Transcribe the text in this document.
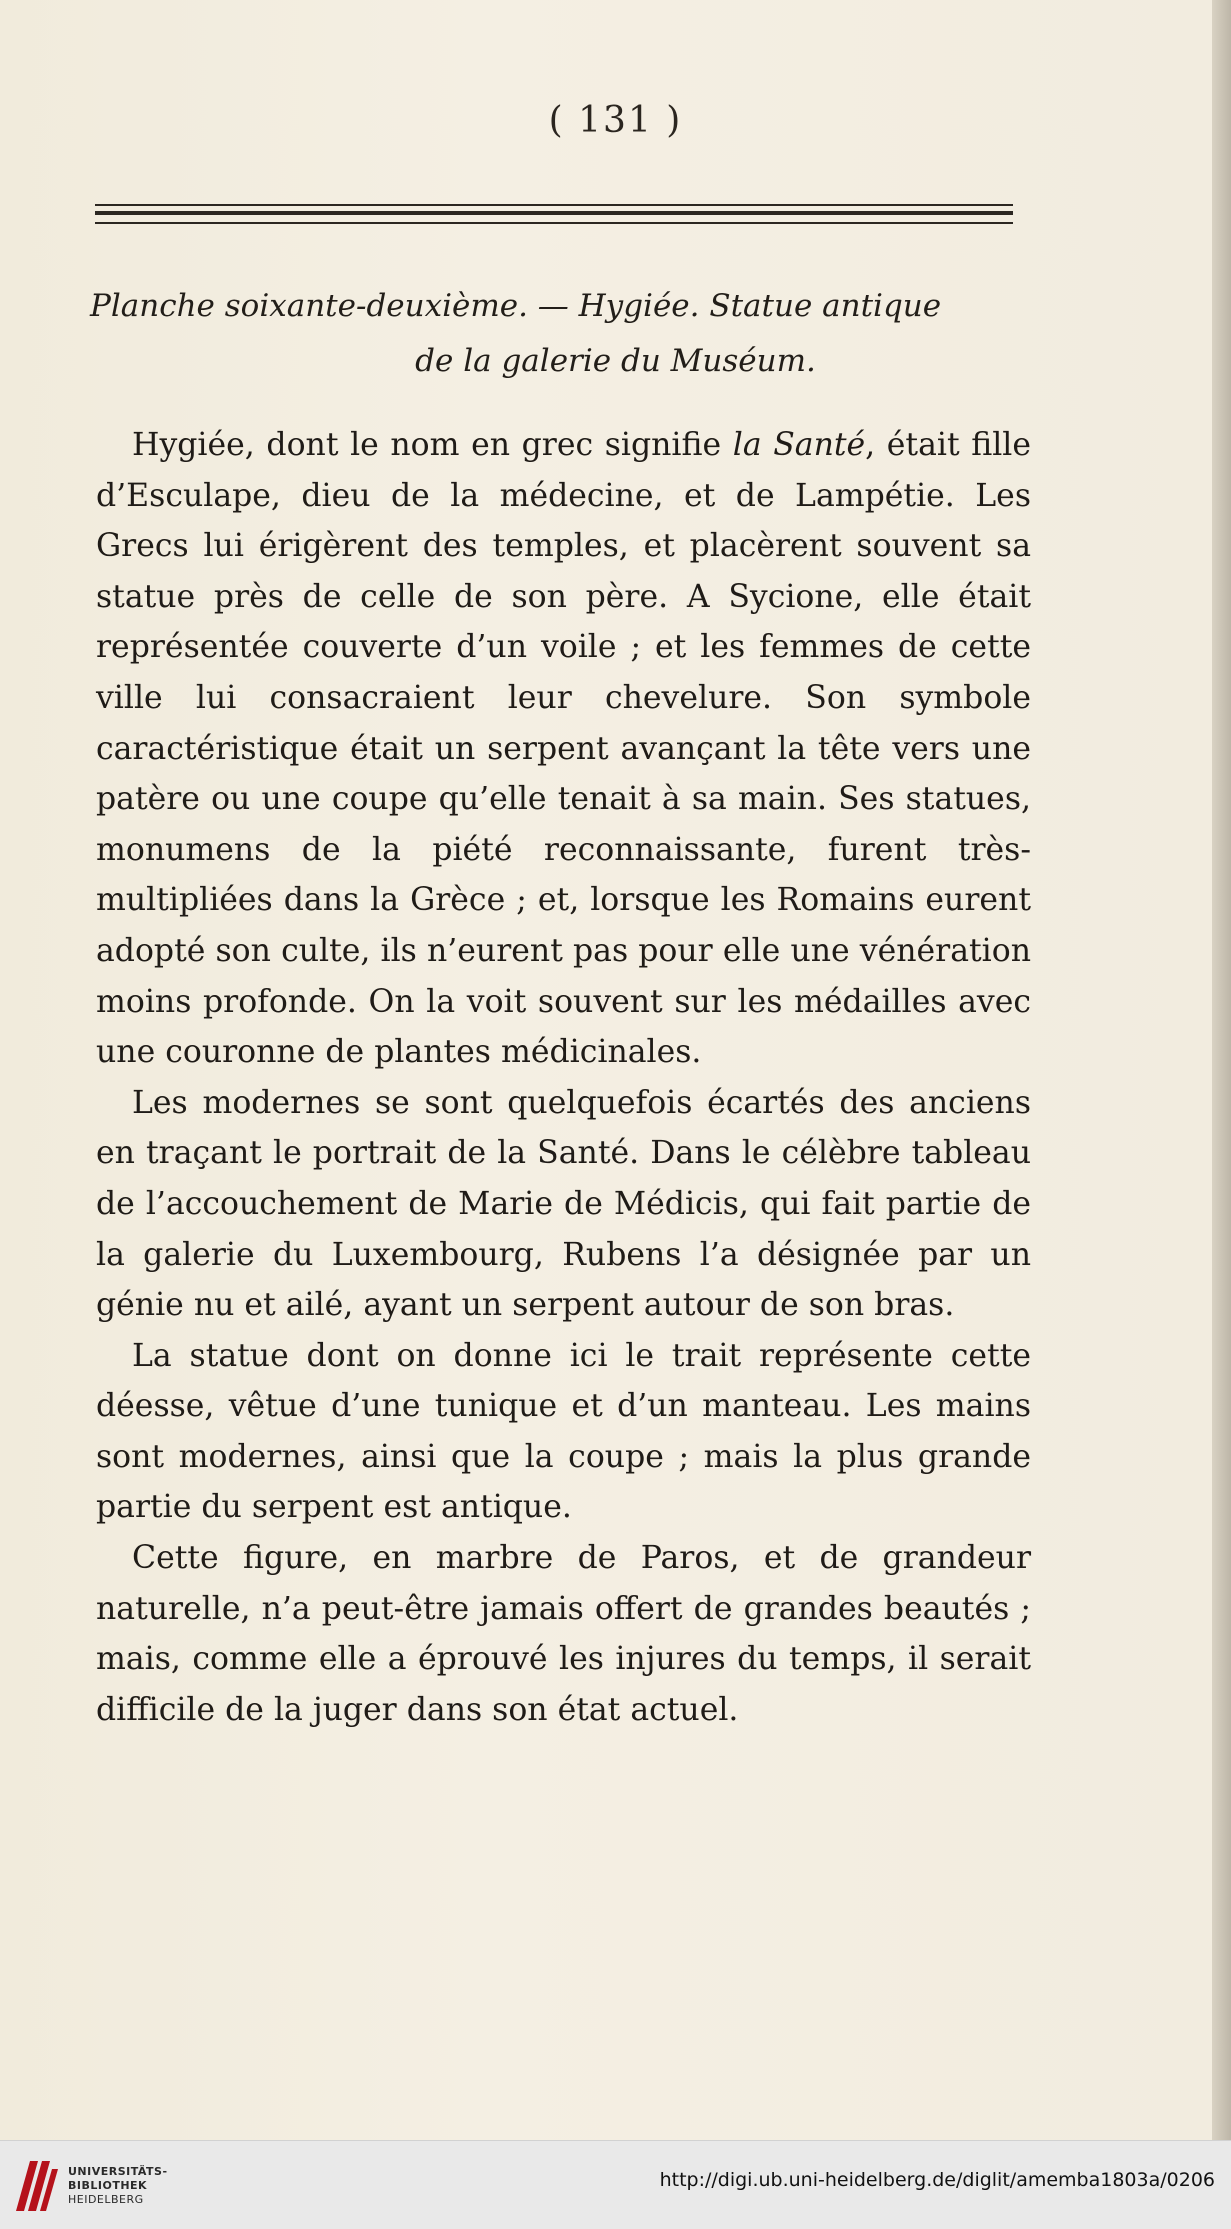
( 131 )
Planche soixante-deuxième. — Hygiée. Statue antique
de la galerie du Muséum.

Hygiée, dont le nom en grec signifie la Santé, était fille d’Esculape, dieu de la médecine, et de Lampétie. Les Grecs lui érigèrent des temples, et placèrent souvent sa statue près de celle de son père. A Sycione, elle était représentée couverte d’un voile ; et les femmes de cette ville lui consacraient leur chevelure. Son symbole caractéristique était un serpent avançant la tête vers une patère ou une coupe qu’elle tenait à sa main. Ses statues, monumens de la piété reconnaissante, furent très-multipliées dans la Grèce ; et, lorsque les Romains eurent adopté son culte, ils n’eurent pas pour elle une vénération moins profonde. On la voit souvent sur les médailles avec une couronne de plantes médicinales.

Les modernes se sont quelquefois écartés des anciens en traçant le portrait de la Santé. Dans le célèbre tableau de l’accouchement de Marie de Médicis, qui fait partie de la galerie du Luxembourg, Rubens l’a désignée par un génie nu et ailé, ayant un serpent autour de son bras.

La statue dont on donne ici le trait représente cette déesse, vêtue d’une tunique et d’un manteau. Les mains sont modernes, ainsi que la coupe ; mais la plus grande partie du serpent est antique.

Cette figure, en marbre de Paros, et de grandeur naturelle, n’a peut-être jamais offert de grandes beautés ; mais, comme elle a éprouvé les injures du temps, il serait difficile de la juger dans son état actuel.

UNIVERSITÄTS-
BIBLIOTHEK
HEIDELBERG
http://digi.ub.uni-heidelberg.de/diglit/amemba1803a/0206
